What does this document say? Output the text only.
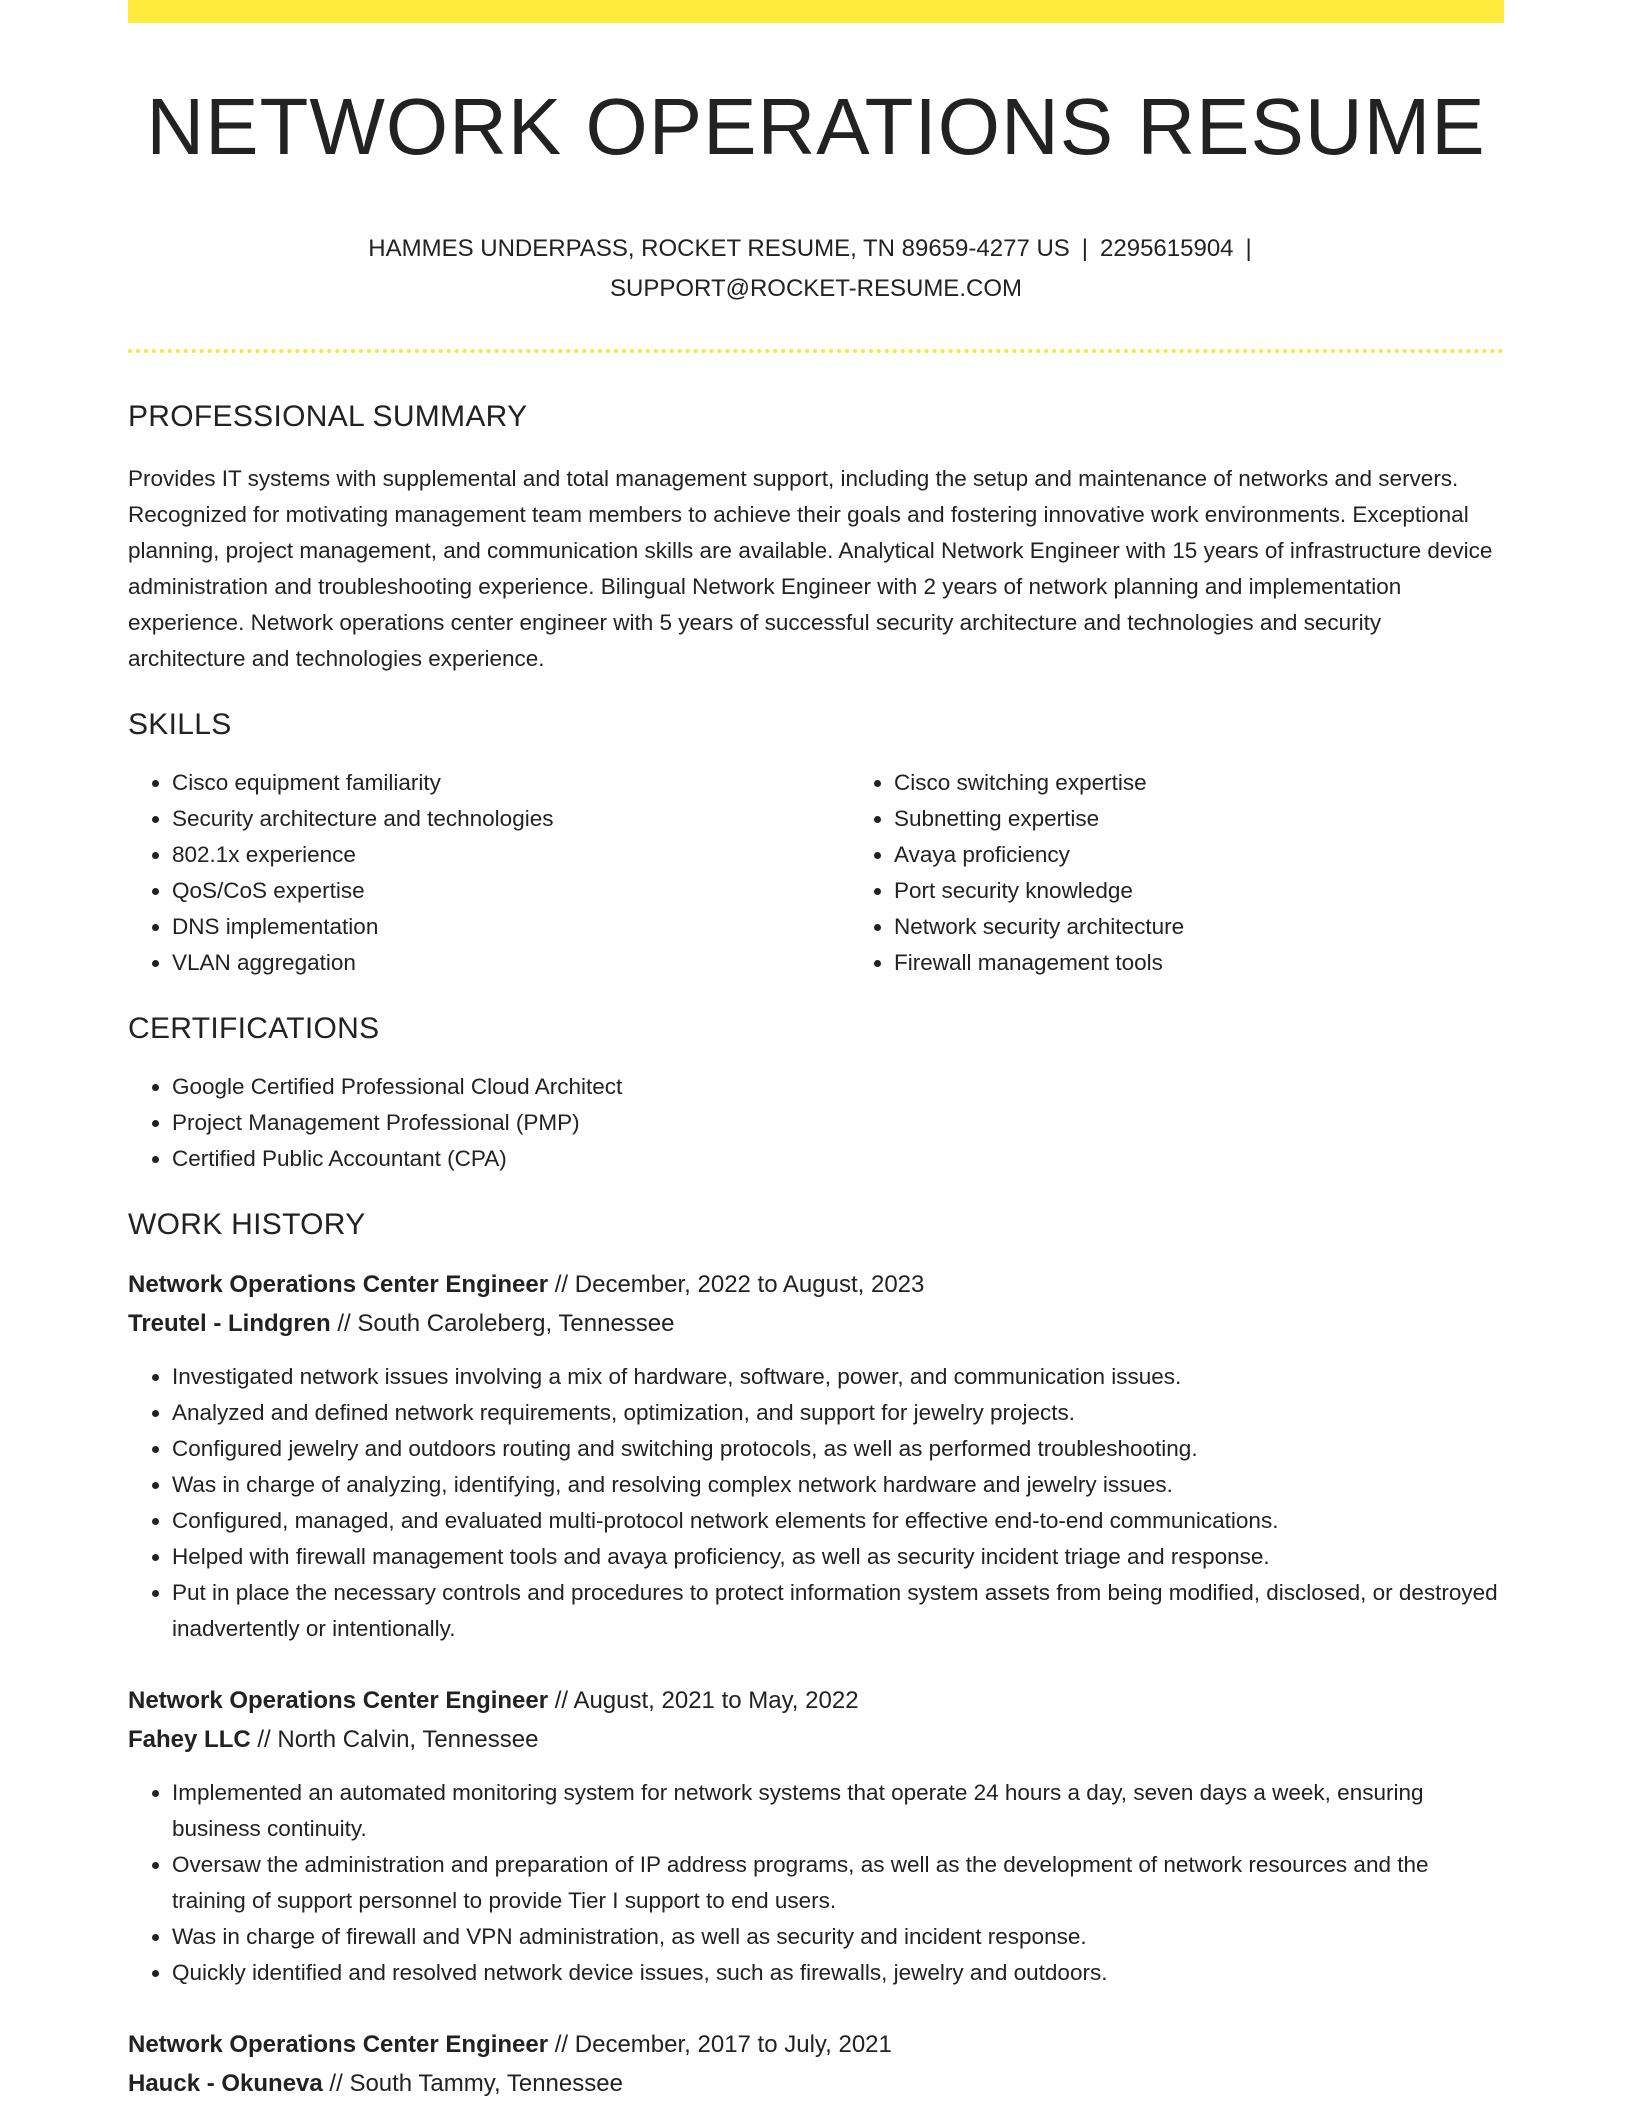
NETWORK OPERATIONS RESUME
HAMMES UNDERPASS, ROCKET RESUME, TN 89659-4277 US | 2295615904 |
SUPPORT@ROCKET-RESUME.COM
PROFESSIONAL SUMMARY

Provides IT systems with supplemental and total management support, including the setup and maintenance of networks and servers. Recognized for motivating management team members to achieve their goals and fostering innovative work environments. Exceptional planning, project management, and communication skills are available. Analytical Network Engineer with 15 years of infrastructure device administration and troubleshooting experience. Bilingual Network Engineer with 2 years of network planning and implementation experience. Network operations center engineer with 5 years of successful security architecture and technologies and security architecture and technologies experience.

SKILLS
• Cisco equipment familiarity
• Security architecture and technologies
• 802.1x experience
• QoS/CoS expertise
• DNS implementation
• VLAN aggregation
• Cisco switching expertise
• Subnetting expertise
• Avaya proficiency
• Port security knowledge
• Network security architecture
• Firewall management tools
CERTIFICATIONS
• Google Certified Professional Cloud Architect
• Project Management Professional (PMP)
• Certified Public Accountant (CPA)
WORK HISTORY
Network Operations Center Engineer // December, 2022 to August, 2023
Treutel - Lindgren // South Caroleberg, Tennessee
• Investigated network issues involving a mix of hardware, software, power, and communication issues.
• Analyzed and defined network requirements, optimization, and support for jewelry projects.
• Configured jewelry and outdoors routing and switching protocols, as well as performed troubleshooting.
• Was in charge of analyzing, identifying, and resolving complex network hardware and jewelry issues.
• Configured, managed, and evaluated multi-protocol network elements for effective end-to-end communications.
• Helped with firewall management tools and avaya proficiency, as well as security incident triage and response.
• Put in place the necessary controls and procedures to protect information system assets from being modified, disclosed, or destroyed inadvertently or intentionally.
Network Operations Center Engineer // August, 2021 to May, 2022
Fahey LLC // North Calvin, Tennessee
• Implemented an automated monitoring system for network systems that operate 24 hours a day, seven days a week, ensuring business continuity.
• Oversaw the administration and preparation of IP address programs, as well as the development of network resources and the training of support personnel to provide Tier I support to end users.
• Was in charge of firewall and VPN administration, as well as security and incident response.
• Quickly identified and resolved network device issues, such as firewalls, jewelry and outdoors.
Network Operations Center Engineer // December, 2017 to July, 2021
Hauck - Okuneva // South Tammy, Tennessee
